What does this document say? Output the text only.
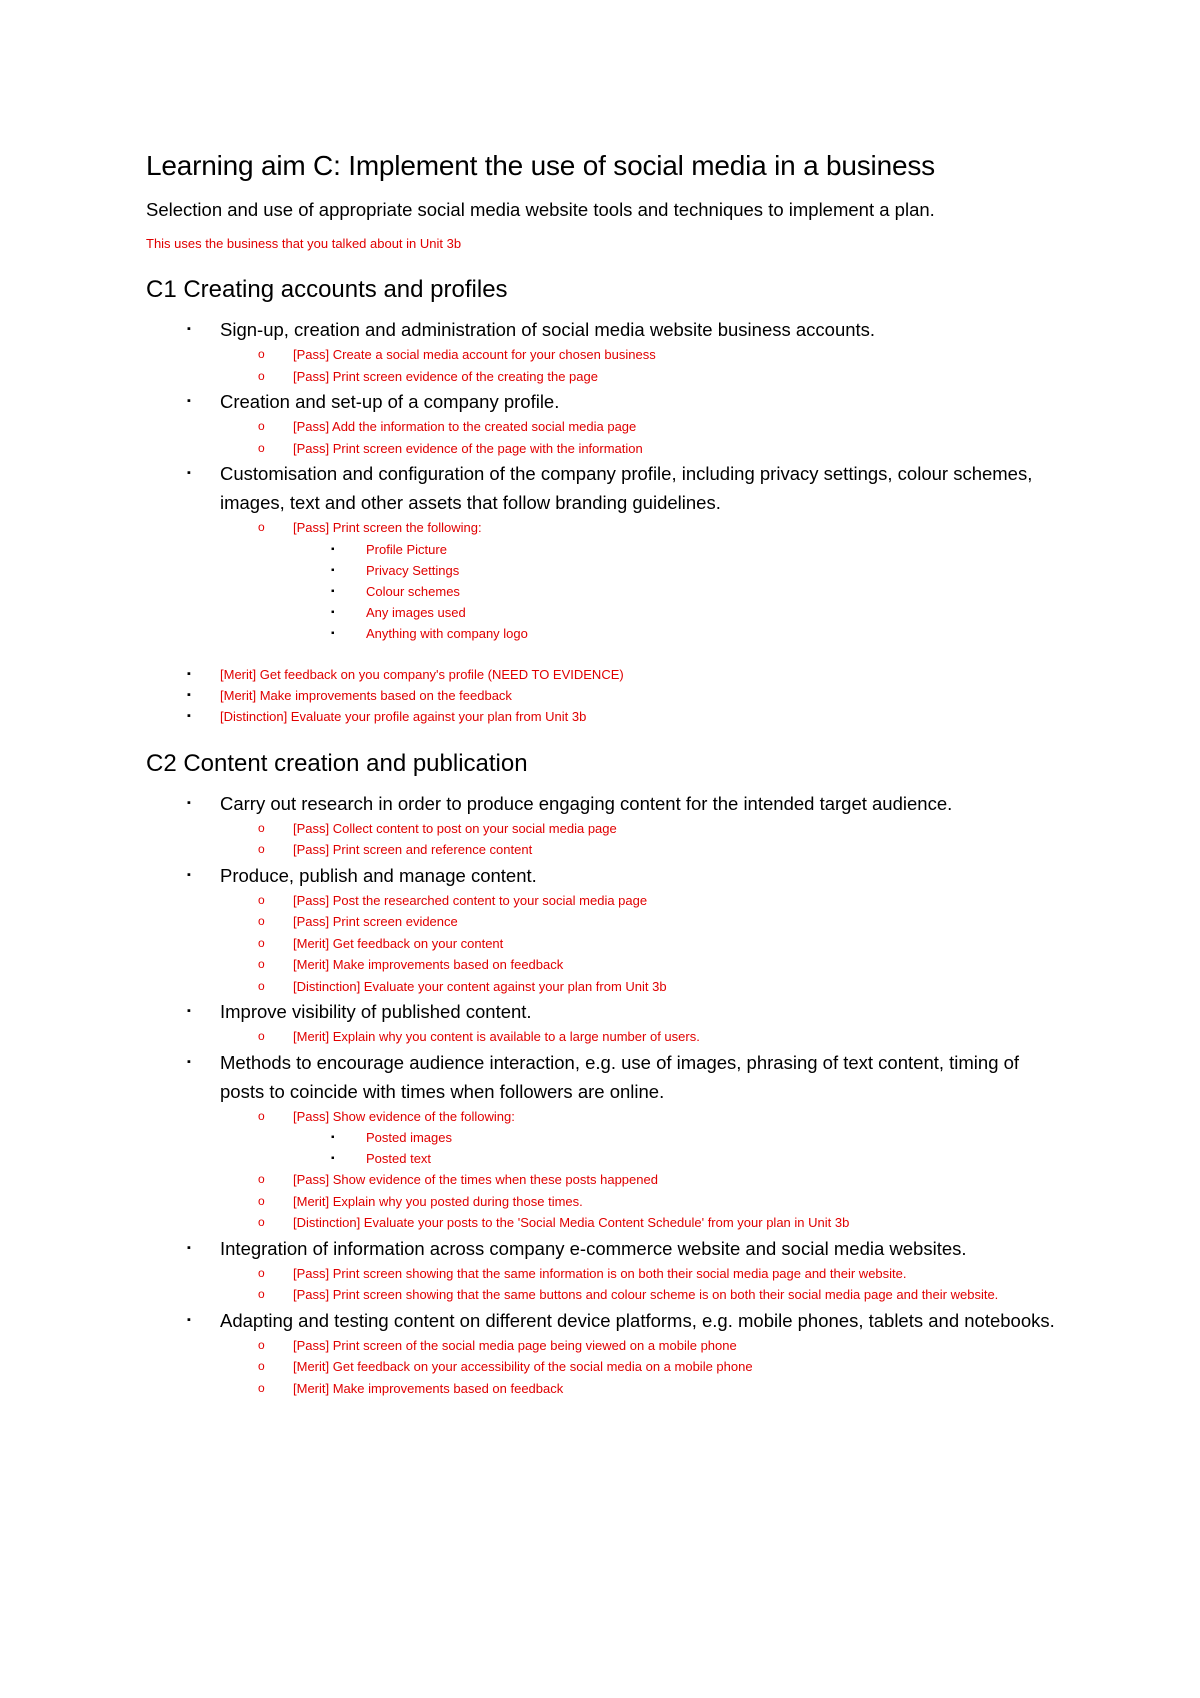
Learning aim C: Implement the use of social media in a business

Selection and use of appropriate social media website tools and techniques to implement a plan.

This uses the business that you talked about in Unit 3b

C1 Creating accounts and profiles
▪ Sign-up, creation and administration of social media website business accounts.
o [Pass] Create a social media account for your chosen business
o [Pass] Print screen evidence of the creating the page
▪ Creation and set-up of a company profile.
o [Pass] Add the information to the created social media page
o [Pass] Print screen evidence of the page with the information
▪ Customisation and configuration of the company profile, including privacy settings, colour schemes, images, text and other assets that follow branding guidelines.
o [Pass] Print screen the following:
▪ Profile Picture
▪ Privacy Settings
▪ Colour schemes
▪ Any images used
▪ Anything with company logo
▪ [Merit] Get feedback on you company's profile (NEED TO EVIDENCE)
▪ [Merit] Make improvements based on the feedback
▪ [Distinction] Evaluate your profile against your plan from Unit 3b
C2 Content creation and publication
▪ Carry out research in order to produce engaging content for the intended target audience.
o [Pass] Collect content to post on your social media page
o [Pass] Print screen and reference content
▪ Produce, publish and manage content.
o [Pass] Post the researched content to your social media page
o [Pass] Print screen evidence
o [Merit] Get feedback on your content
o [Merit] Make improvements based on feedback
o [Distinction] Evaluate your content against your plan from Unit 3b
▪ Improve visibility of published content.
o [Merit] Explain why you content is available to a large number of users.
▪ Methods to encourage audience interaction, e.g. use of images, phrasing of text content, timing of posts to coincide with times when followers are online.
o [Pass] Show evidence of the following:
▪ Posted images
▪ Posted text
o [Pass] Show evidence of the times when these posts happened
o [Merit] Explain why you posted during those times.
o [Distinction] Evaluate your posts to the 'Social Media Content Schedule' from your plan in Unit 3b
▪ Integration of information across company e-commerce website and social media websites.
o [Pass] Print screen showing that the same information is on both their social media page and their website.
o [Pass] Print screen showing that the same buttons and colour scheme is on both their social media page and their website.
▪ Adapting and testing content on different device platforms, e.g. mobile phones, tablets and notebooks.
o [Pass] Print screen of the social media page being viewed on a mobile phone
o [Merit] Get feedback on your accessibility of the social media on a mobile phone
o [Merit] Make improvements based on feedback
